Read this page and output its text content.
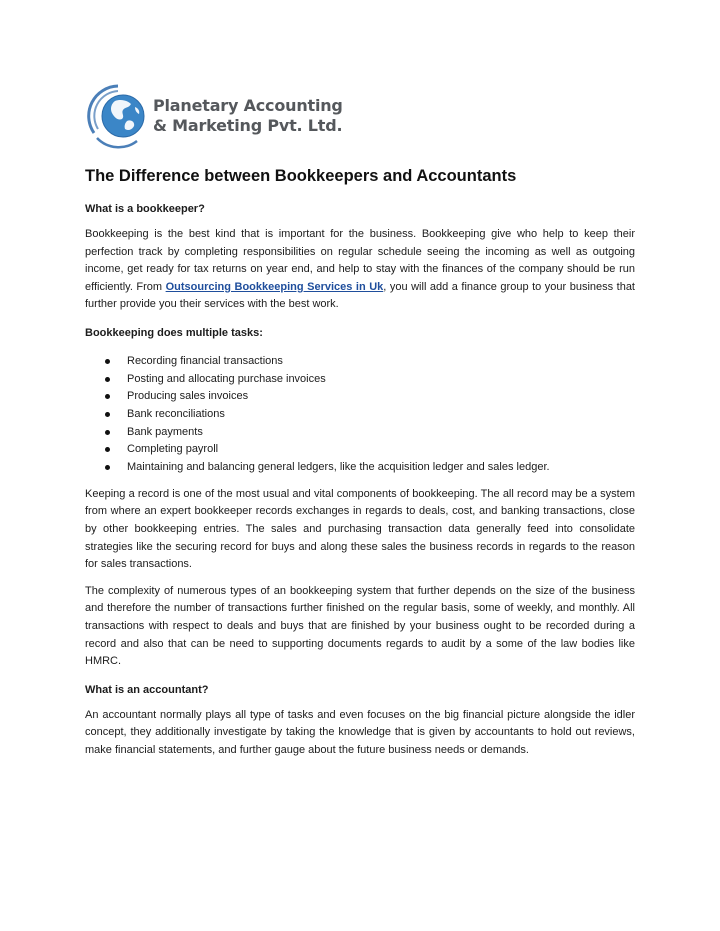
Planetary Accounting
& Marketing Pvt. Ltd.
The Difference between Bookkeepers and Accountants
What is a bookkeeper?

Bookkeeping is the best kind that is important for the business. Bookkeeping give who help to keep their perfection track by completing responsibilities on regular schedule seeing the incoming as well as outgoing income, get ready for tax returns on year end, and help to stay with the finances of the company should be run efficiently. From Outsourcing Bookkeeping Services in Uk, you will add a finance group to your business that further provide you their services with the best work.

Bookkeeping does multiple tasks:
Recording financial transactions
Posting and allocating purchase invoices
Producing sales invoices
Bank reconciliations
Bank payments
Completing payroll
Maintaining and balancing general ledgers, like the acquisition ledger and sales ledger.

Keeping a record is one of the most usual and vital components of bookkeeping. The all record may be a system from where an expert bookkeeper records exchanges in regards to deals, cost, and banking transactions, close by other bookkeeping entries. The sales and purchasing transaction data generally feed into consolidate strategies like the securing record for buys and along these sales the business records in regards to the reason for sales transactions.

The complexity of numerous types of an bookkeeping system that further depends on the size of the business and therefore the number of transactions further finished on the regular basis, some of weekly, and monthly. All transactions with respect to deals and buys that are finished by your business ought to be recorded during a record and also that can be need to supporting documents regards to audit by a some of the law bodies like HMRC.

What is an accountant?

An accountant normally plays all type of tasks and even focuses on the big financial picture alongside the idler concept, they additionally investigate by taking the knowledge that is given by accountants to hold out reviews, make financial statements, and further gauge about the future business needs or demands.
